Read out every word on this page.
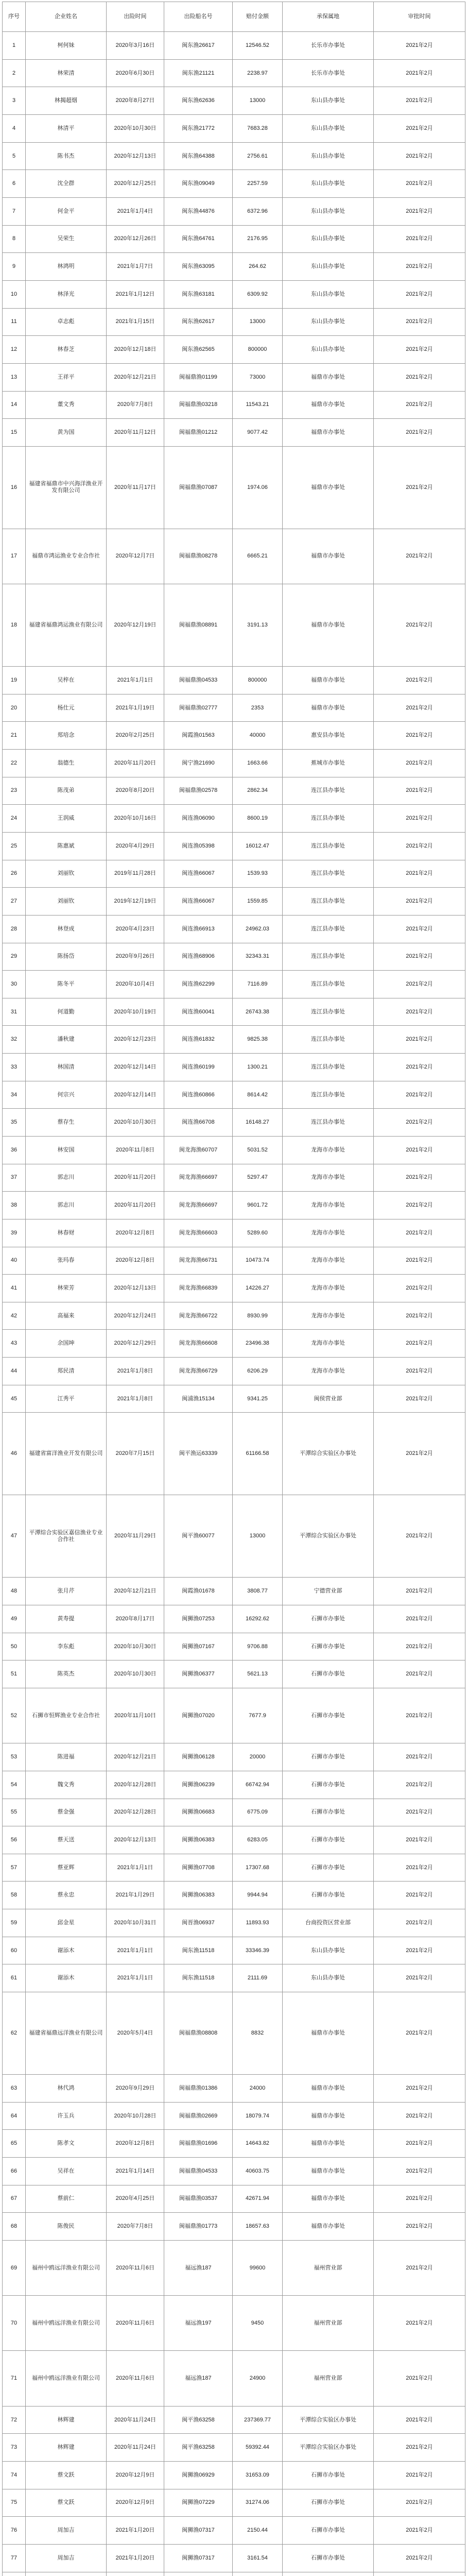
序号	企业姓名	出险时间	出险船名号	赔付金额	承保属地	审批时间
1	柯何妹	2020年3月16日	闽东渔26617	12546.52	长乐市办事处	2021年2月
2	林荣清	2020年6月30日	闽东渔21121	2238.97	长乐市办事处	2021年2月
3	林揭超烟	2020年8月27日	闽东渔62636	13000	东山县办事处	2021年2月
4	林清平	2020年10月30日	闽东渔21772	7683.28	东山县办事处	2021年2月
5	陈书杰	2020年12月13日	闽东渔64388	2756.61	东山县办事处	2021年2月
6	沈全群	2020年12月25日	闽东渔09049	2257.59	东山县办事处	2021年2月
7	何金平	2021年1月4日	闽东渔44876	6372.96	东山县办事处	2021年2月
8	吴荣生	2020年12月26日	闽东渔64761	2176.95	东山县办事处	2021年2月
9	林鸿明	2021年1月7日	闽东渔63095	264.62	东山县办事处	2021年2月
10	林泽光	2021年1月12日	闽东渔63181	6309.92	东山县办事处	2021年2月
11	卓志彪	2021年1月15日	闽东渔62617	13000	东山县办事处	2021年2月
12	林春芝	2020年12月18日	闽东渔62565	800000	东山县办事处	2021年2月
13	王祥平	2020年12月21日	闽福鼎渔01199	73000	福鼎市办事处	2021年2月
14	董文秀	2020年7月8日	闽福鼎渔03218	11543.21	福鼎市办事处	2021年2月
15	黄为国	2020年11月12日	闽福鼎渔01212	9077.42	福鼎市办事处	2021年2月
16	福建省福鼎市中兴海洋渔业开发有限公司	2020年11月17日	闽福鼎渔07087	1974.06	福鼎市办事处	2021年2月
17	福鼎市鸿运渔业专业合作社	2020年12月7日	闽福鼎渔08278	6665.21	福鼎市办事处	2021年2月
18	福建省福鼎鸿运渔业有限公司	2020年12月19日	闽福鼎渔08891	3191.13	福鼎市办事处	2021年2月
19	吴梓在	2021年1月1日	闽福鼎渔04533	800000	福鼎市办事处	2021年2月
20	杨仕元	2021年1月19日	闽福鼎渔02777	2353	福鼎市办事处	2021年2月
21	郑培念	2020年2月25日	闽霞渔01563	40000	惠安县办事处	2021年2月
22	翁德生	2020年11月20日	闽宁渔21690	1663.66	蕉城市办事处	2021年2月
23	陈茂弟	2020年8月20日	闽福鼎渔02578	2862.34	连江县办事处	2021年2月
24	王润威	2020年10月16日	闽连渔06090	8600.19	连江县办事处	2021年2月
25	陈惠斌	2020年4月29日	闽连渔05398	16012.47	连江县办事处	2021年2月
26	刘丽钦	2019年11月28日	闽连渔66067	1539.93	连江县办事处	2021年2月
27	刘丽钦	2019年12月19日	闽连渔66067	1559.85	连江县办事处	2021年2月
28	林登成	2020年4月23日	闽连渔66913	24962.03	连江县办事处	2021年2月
29	陈扬岱	2020年9月26日	闽连渔68906	32343.31	连江县办事处	2021年2月
30	陈冬平	2020年10月4日	闽连渔62299	7116.89	连江县办事处	2021年2月
31	何道勤	2020年10月19日	闽连渔60041	26743.38	连江县办事处	2021年2月
32	潘秋建	2020年12月23日	闽连渔61832	9825.38	连江县办事处	2021年2月
33	林国清	2020年12月14日	闽连渔60199	1300.21	连江县办事处	2021年2月
34	何宗兴	2020年12月14日	闽连渔60866	8614.42	连江县办事处	2021年2月
35	蔡存生	2020年10月30日	闽连渔66708	16148.27	连江县办事处	2021年2月
36	林安国	2020年11月8日	闽龙海渔60707	5031.52	龙海市办事处	2021年2月
37	郭志川	2020年11月20日	闽龙海渔66697	5297.47	龙海市办事处	2021年2月
38	郭志川	2020年11月20日	闽龙海渔66697	9601.72	龙海市办事处	2021年2月
39	林春财	2020年12月8日	闽龙海渔66603	5289.60	龙海市办事处	2021年2月
40	张玛春	2020年12月8日	闽龙海渔66731	10473.74	龙海市办事处	2021年2月
41	林荣芳	2020年12月13日	闽龙海渔66839	14226.27	龙海市办事处	2021年2月
42	高福来	2020年12月24日	闽龙海渔66722	8930.99	龙海市办事处	2021年2月
43	余国坤	2020年12月29日	闽龙海渔66608	23496.38	龙海市办事处	2021年2月
44	郑民清	2021年1月8日	闽龙海渔66729	6206.29	龙海市办事处	2021年2月
45	江秀平	2021年1月8日	闽浦渔15134	9341.25	闽侯营业部	2021年2月
46	福建省富洋渔业开发有限公司	2020年7月15日	闽平渔运63339	61166.58	平潭综合实验区办事处	2021年2月
47	平潭综合实验区嘉信渔业专业合作社	2020年11月29日	闽平渔60077	13000	平潭综合实验区办事处	2021年2月
48	张月芹	2020年12月21日	闽霞渔01678	3808.77	宁德营业部	2021年2月
49	黄寿提	2020年8月17日	闽狮渔07253	16292.62	石狮市办事处	2021年2月
50	李东彪	2020年10月30日	闽狮渔07167	9706.88	石狮市办事处	2021年2月
51	陈英杰	2020年10月30日	闽狮渔06377	5621.13	石狮市办事处	2021年2月
52	石狮市恒辉渔业专业合作社	2020年11月10日	闽狮渔07020	7677.9	石狮市办事处	2021年2月
53	陈进福	2020年12月21日	闽狮渔06128	20000	石狮市办事处	2021年2月
54	魏文秀	2020年12月28日	闽狮渔06239	66742.94	石狮市办事处	2021年2月
55	蔡金强	2020年12月28日	闽狮渔06683	6775.09	石狮市办事处	2021年2月
56	蔡天送	2020年12月13日	闽狮渔06383	6283.05	石狮市办事处	2021年2月
57	蔡亚辉	2021年1月1日	闽狮渔07708	17307.68	石狮市办事处	2021年2月
58	蔡永忠	2021年1月29日	闽狮渔06383	9944.94	石狮市办事处	2021年2月
59	邱金星	2020年10月31日	闽晋渔06937	11893.93	台商投资区营业部	2021年2月
60	谢添木	2021年1月1日	闽东渔11518	33346.39	东山县办事处	2021年2月
61	谢添木	2021年1月1日	闽东渔11518	2111.69	东山县办事处	2021年2月
62	福建省福鼎远洋渔业有限公司	2020年5月4日	闽福鼎渔08808	8832	福鼎市办事处	2021年2月
63	林代鸿	2020年9月29日	闽福鼎渔01386	24000	福鼎市办事处	2021年2月
64	许玉兵	2020年10月28日	闽福鼎渔02669	18079.74	福鼎市办事处	2021年2月
65	陈孝文	2020年12月8日	闽福鼎渔01696	14643.82	福鼎市办事处	2021年2月
66	吴祥在	2021年1月14日	闽福鼎渔04533	40603.75	福鼎市办事处	2021年2月
67	蔡前仁	2020年4月25日	闽福鼎渔03537	42671.94	福鼎市办事处	2021年2月
68	陈俊民	2020年7月8日	闽福鼎渔01773	18657.63	福鼎市办事处	2021年2月
69	福州中鸥远洋渔业有限公司	2020年11月6日	福远渔187	99600	福州营业部	2021年2月
70	福州中鸥远洋渔业有限公司	2020年11月6日	福远渔197	9450	福州营业部	2021年2月
71	福州中鸥远洋渔业有限公司	2020年11月6日	福远渔187	24900	福州营业部	2021年2月
72	林辉建	2020年11月24日	闽平渔63258	237369.77	平潭综合实验区办事处	2021年2月
73	林辉建	2020年11月24日	闽平渔63258	59392.44	平潭综合实验区办事处	2021年2月
74	蔡文跃	2020年12月9日	闽狮渔06929	31653.09	石狮市办事处	2021年2月
75	蔡文跃	2020年12月9日	闽狮渔07229	31274.06	石狮市办事处	2021年2月
76	周加吉	2021年1月20日	闽狮渔07317	2150.44	石狮市办事处	2021年2月
77	周加吉	2021年1月20日	闽狮渔07317	3161.54	石狮市办事处	2021年2月
